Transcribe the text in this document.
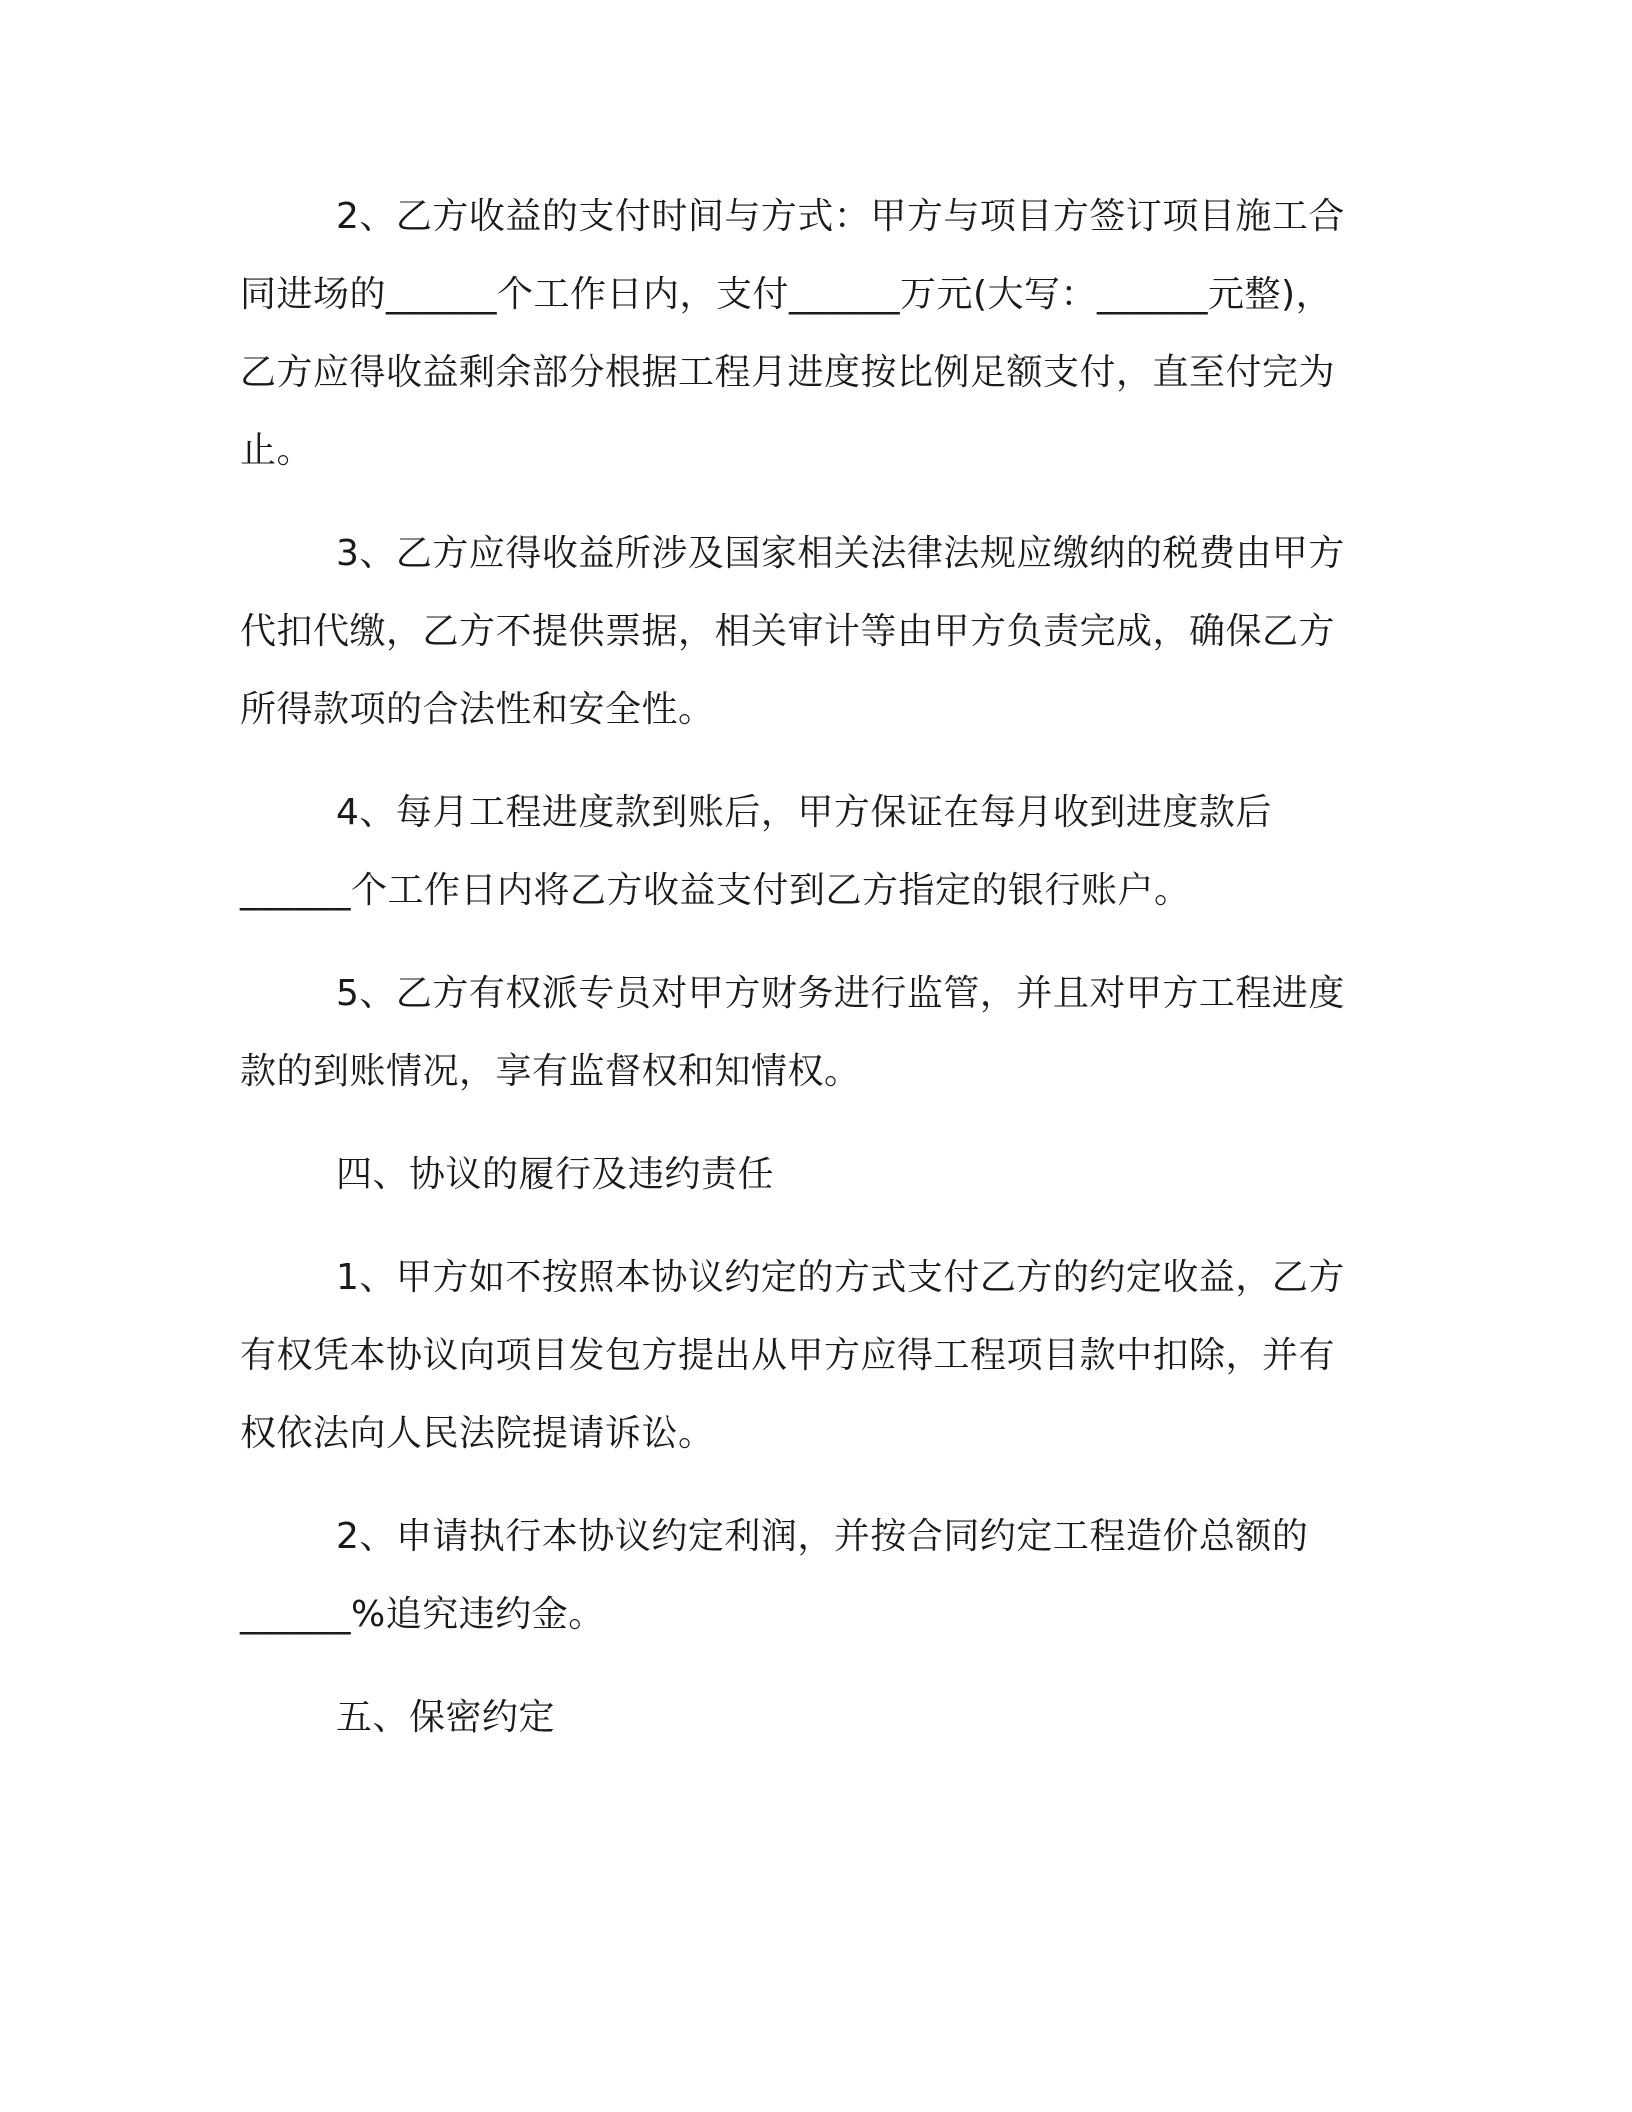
2、乙方收益的支付时间与方式：甲方与项目方签订项目施工合
同进场的______个工作日内，支付______万元(大写：______元整)，
乙方应得收益剩余部分根据工程月进度按比例足额支付，直至付完为
止。
3、乙方应得收益所涉及国家相关法律法规应缴纳的税费由甲方
代扣代缴，乙方不提供票据，相关审计等由甲方负责完成，确保乙方
所得款项的合法性和安全性。
4、每月工程进度款到账后，甲方保证在每月收到进度款后
______个工作日内将乙方收益支付到乙方指定的银行账户。
5、乙方有权派专员对甲方财务进行监管，并且对甲方工程进度
款的到账情况，享有监督权和知情权。
四、协议的履行及违约责任
1、甲方如不按照本协议约定的方式支付乙方的约定收益，乙方
有权凭本协议向项目发包方提出从甲方应得工程项目款中扣除，并有
权依法向人民法院提请诉讼。
2、申请执行本协议约定利润，并按合同约定工程造价总额的
______%追究违约金。
五、保密约定
